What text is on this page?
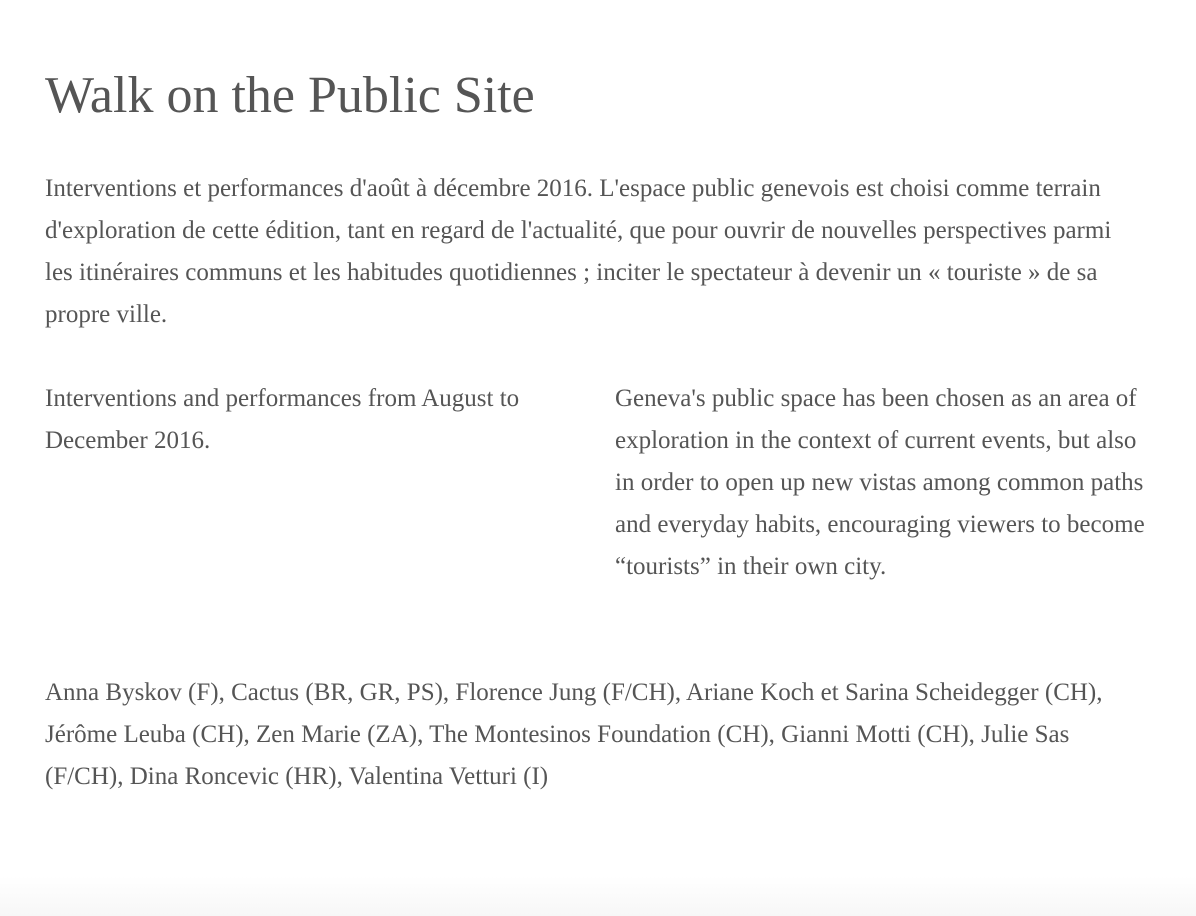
Walk on the Public Site

Interventions et performances d'août à décembre 2016. L'espace public genevois est choisi comme terrain d'exploration de cette édition, tant en regard de l'actualité, que pour ouvrir de nouvelles perspectives parmi les itinéraires communs et les habitudes quotidiennes ; inciter le spectateur à devenir un « touriste » de sa propre ville.

Interventions and performances from August to December 2016.

Geneva's public space has been chosen as an area of exploration in the context of current events, but also in order to open up new vistas among common paths and everyday habits, encouraging viewers to become “tourists” in their own city.

Anna Byskov (F), Cactus (BR, GR, PS), Florence Jung (F/CH), Ariane Koch et Sarina Scheidegger (CH), Jérôme Leuba (CH), Zen Marie (ZA), The Montesinos Foundation (CH), Gianni Motti (CH), Julie Sas (F/CH), Dina Roncevic (HR), Valentina Vetturi (I)
